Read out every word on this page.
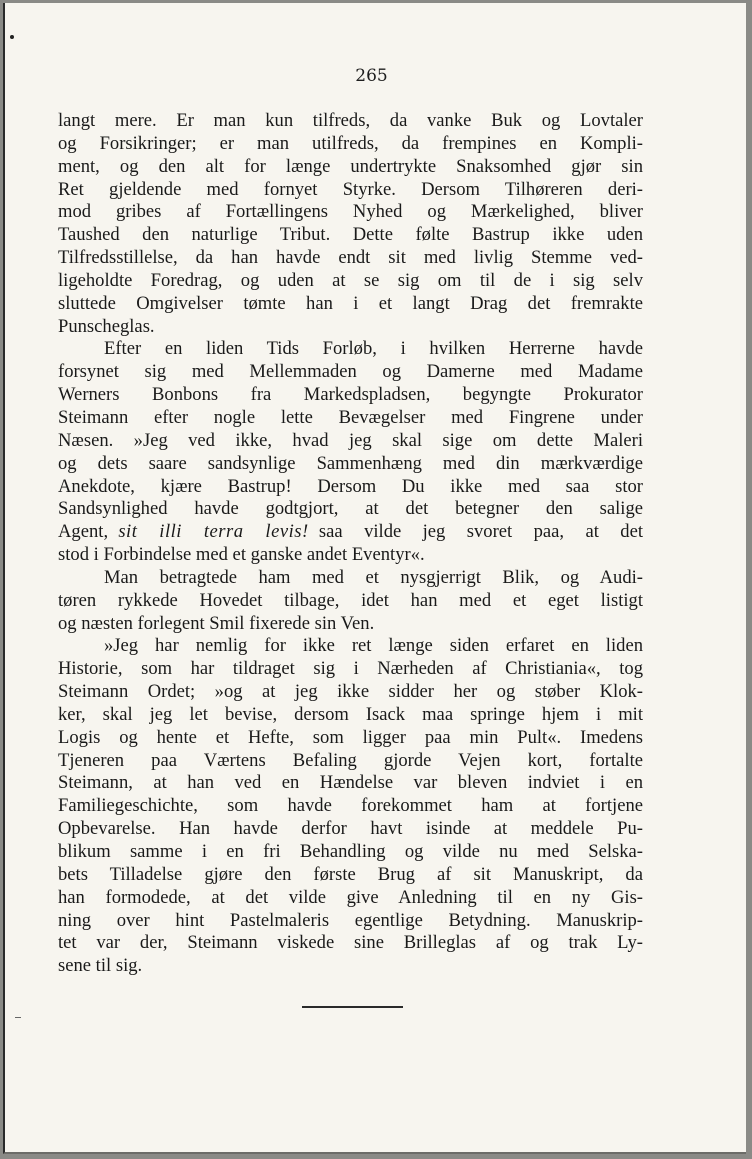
265
langt mere. Er man kun tilfreds, da vanke Buk og Lovtaler
og Forsikringer; er man utilfreds, da frempines en Kompli-
ment, og den alt for længe undertrykte Snaksomhed gjør sin
Ret gjeldende med fornyet Styrke. Dersom Tilhøreren deri-
mod gribes af Fortællingens Nyhed og Mærkelighed, bliver
Taushed den naturlige Tribut. Dette følte Bastrup ikke uden
Tilfredsstillelse, da han havde endt sit med livlig Stemme ved-
ligeholdte Foredrag, og uden at se sig om til de i sig selv
sluttede Omgivelser tømte han i et langt Drag det fremrakte
Punscheglas.
Efter en liden Tids Forløb, i hvilken Herrerne havde
forsynet sig med Mellemmaden og Damerne med Madame
Werners Bonbons fra Markedspladsen, begyngte Prokurator
Steimann efter nogle lette Bevægelser med Fingrene under
Næsen. »Jeg ved ikke, hvad jeg skal sige om dette Maleri
og dets saare sandsynlige Sammenhæng med din mærkværdige
Anekdote, kjære Bastrup! Dersom Du ikke med saa stor
Sandsynlighed havde godtgjort, at det betegner den salige
Agent, sit illi terra levis! saa vilde jeg svoret paa, at det
stod i Forbindelse med et ganske andet Eventyr«.
Man betragtede ham med et nysgjerrigt Blik, og Audi-
tøren rykkede Hovedet tilbage, idet han med et eget listigt
og næsten forlegent Smil fixerede sin Ven.
»Jeg har nemlig for ikke ret længe siden erfaret en liden
Historie, som har tildraget sig i Nærheden af Christiania«, tog
Steimann Ordet; »og at jeg ikke sidder her og støber Klok-
ker, skal jeg let bevise, dersom Isack maa springe hjem i mit
Logis og hente et Hefte, som ligger paa min Pult«. Imedens
Tjeneren paa Værtens Befaling gjorde Vejen kort, fortalte
Steimann, at han ved en Hændelse var bleven indviet i en
Familiegeschichte, som havde forekommet ham at fortjene
Opbevarelse. Han havde derfor havt isinde at meddele Pu-
blikum samme i en fri Behandling og vilde nu med Selska-
bets Tilladelse gjøre den første Brug af sit Manuskript, da
han formodede, at det vilde give Anledning til en ny Gis-
ning over hint Pastelmaleris egentlige Betydning. Manuskrip-
tet var der, Steimann viskede sine Brilleglas af og trak Ly-
sene til sig.
